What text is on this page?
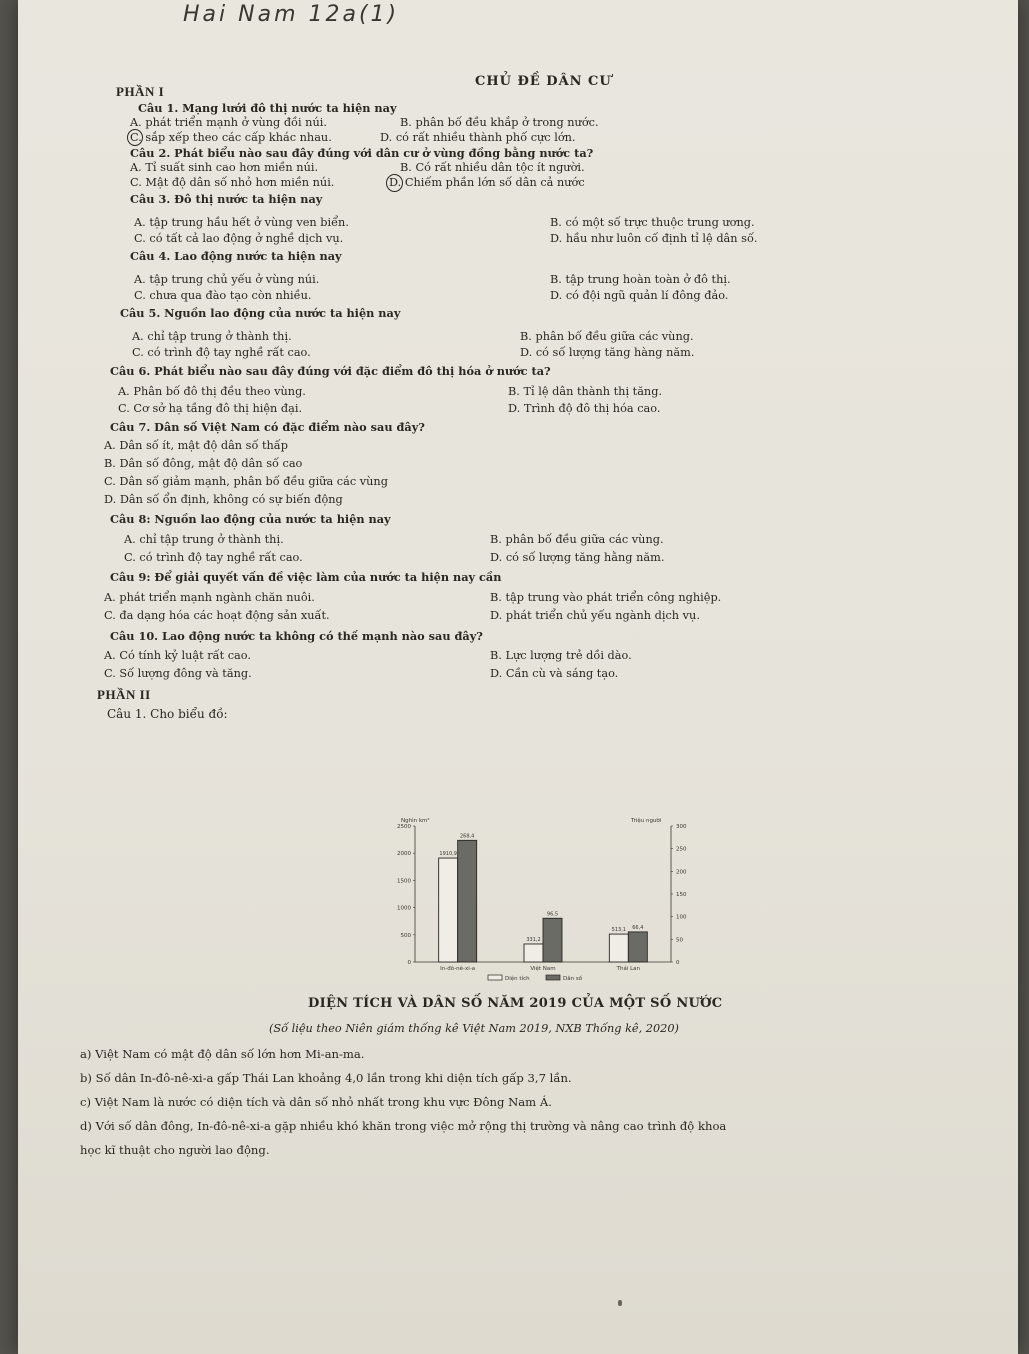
Hai Nam 12a(1)
PHẦN I
CHỦ ĐỀ DÂN CƯ
Câu 1. Mạng lưới đô thị nước ta hiện nay
A. phát triển mạnh ở vùng đồi núi.	B. phân bố đều khắp ở trong nước.
C. sắp xếp theo các cấp khác nhau.	D. có rất nhiều thành phố cực lớn.
Câu 2. Phát biểu nào sau đây đúng với dân cư ở vùng đồng bằng nước ta?
A. Tỉ suất sinh cao hơn miền núi.	B. Có rất nhiều dân tộc ít người.
C. Mật độ dân số nhỏ hơn miền núi.	D. Chiếm phần lớn số dân cả nước
Câu 3. Đô thị nước ta hiện nay
A. tập trung hầu hết ở vùng ven biển.	B. có một số trực thuộc trung ương.
C. có tất cả lao động ở nghề dịch vụ.	D. hầu như luôn cố định tỉ lệ dân số.
Câu 4. Lao động nước ta hiện nay
A. tập trung chủ yếu ở vùng núi.	B. tập trung hoàn toàn ở đô thị.
C. chưa qua đào tạo còn nhiều.	D. có đội ngũ quản lí đông đảo.
Câu 5. Nguồn lao động của nước ta hiện nay
A. chỉ tập trung ở thành thị.	B. phân bố đều giữa các vùng.
C. có trình độ tay nghề rất cao.	D. có số lượng tăng hàng năm.
Câu 6. Phát biểu nào sau đây đúng với đặc điểm đô thị hóa ở nước ta?
A. Phân bố đô thị đều theo vùng.	B. Tỉ lệ dân thành thị tăng.
C. Cơ sở hạ tầng đô thị hiện đại.	D. Trình độ đô thị hóa cao.
Câu 7. Dân số Việt Nam có đặc điểm nào sau đây?
A. Dân số ít, mật độ dân số thấp
B. Dân số đông, mật độ dân số cao
C. Dân số giảm mạnh, phân bố đều giữa các vùng
D. Dân số ổn định, không có sự biến động
Câu 8: Nguồn lao động của nước ta hiện nay
A. chỉ tập trung ở thành thị.	B. phân bố đều giữa các vùng.
C. có trình độ tay nghề rất cao.	D. có số lượng tăng hằng năm.
Câu 9: Để giải quyết vấn đề việc làm của nước ta hiện nay cần
A. phát triển mạnh ngành chăn nuôi.	B. tập trung vào phát triển công nghiệp.
C. đa dạng hóa các hoạt động sản xuất.	D. phát triển chủ yếu ngành dịch vụ.
Câu 10. Lao động nước ta không có thế mạnh nào sau đây?
A. Có tính kỷ luật rất cao.	B. Lực lượng trẻ dồi dào.
C. Số lượng đông và tăng.	D. Cần cù và sáng tạo.
PHẦN II
Câu 1. Cho biểu đồ:
Nghìn km²	Triệu người
0
500
1000
1500
2000
2500
0
50
100
150
200
250
300
1910,9
268,4
In-đô-nê-xi-a
331,2
96,5
Việt Nam
513,1 66,4
Thái Lan
Diện tích	Dân số
DIỆN TÍCH VÀ DÂN SỐ NĂM 2019 CỦA MỘT SỐ NƯỚC
(Số liệu theo Niên giám thống kê Việt Nam 2019, NXB Thống kê, 2020)
a) Việt Nam có mật độ dân số lớn hơn Mi-an-ma.
b) Số dân In-đô-nê-xi-a gấp Thái Lan khoảng 4,0 lần trong khi diện tích gấp 3,7 lần.
c) Việt Nam là nước có diện tích và dân số nhỏ nhất trong khu vực Đông Nam Á.
d) Với số dân đông, In-đô-nê-xi-a gặp nhiều khó khăn trong việc mở rộng thị trường và nâng cao trình độ khoa
học kĩ thuật cho người lao động.
